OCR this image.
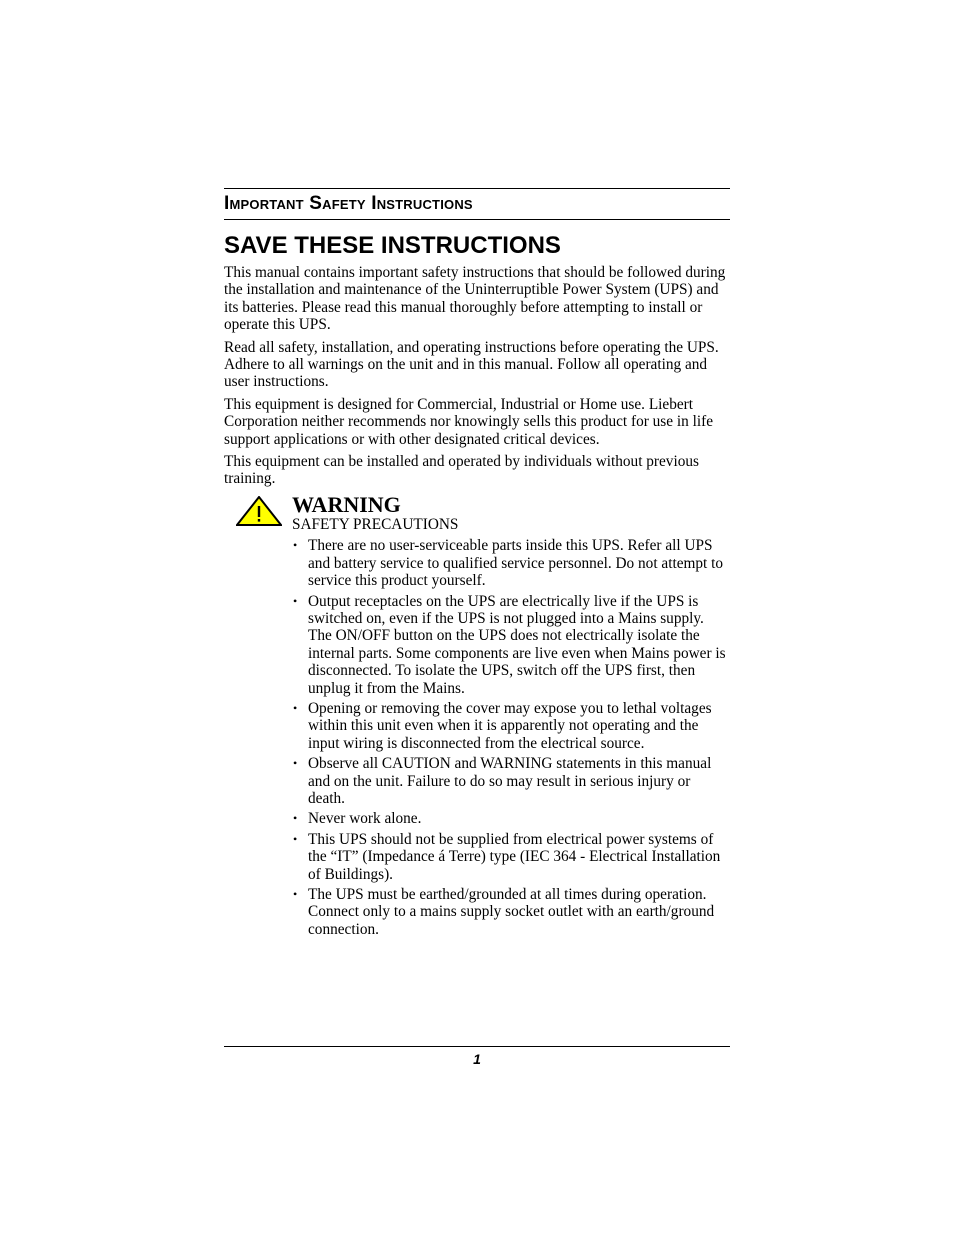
Important Safety Instructions
SAVE THESE INSTRUCTIONS

This manual contains important safety instructions that should be followed during the installation and maintenance of the Uninterruptible Power System (UPS) and its batteries. Please read this manual thoroughly before attempting to install or operate this UPS.

Read all safety, installation, and operating instructions before operating the UPS. Adhere to all warnings on the unit and in this manual. Follow all operating and user instructions.

This equipment is designed for Commercial, Industrial or Home use. Liebert Corporation neither recommends nor knowingly sells this product for use in life support applications or with other designated critical devices.

This equipment can be installed and operated by individuals without previous training.

WARNING
SAFETY PRECAUTIONS
• There are no user-serviceable parts inside this UPS. Refer all UPS and battery service to qualified service personnel. Do not attempt to service this product yourself.
• Output receptacles on the UPS are electrically live if the UPS is switched on, even if the UPS is not plugged into a Mains supply. The ON/OFF button on the UPS does not electrically isolate the internal parts. Some components are live even when Mains power is disconnected. To isolate the UPS, switch off the UPS first, then unplug it from the Mains.
• Opening or removing the cover may expose you to lethal voltages within this unit even when it is apparently not operating and the input wiring is disconnected from the electrical source.
• Observe all CAUTION and WARNING statements in this manual and on the unit. Failure to do so may result in serious injury or death.
• Never work alone.
• This UPS should not be supplied from electrical power systems of the “IT” (Impedance á Terre) type (IEC 364 - Electrical Installation of Buildings).
• The UPS must be earthed/grounded at all times during operation. Connect only to a mains supply socket outlet with an earth/ground connection.
1
